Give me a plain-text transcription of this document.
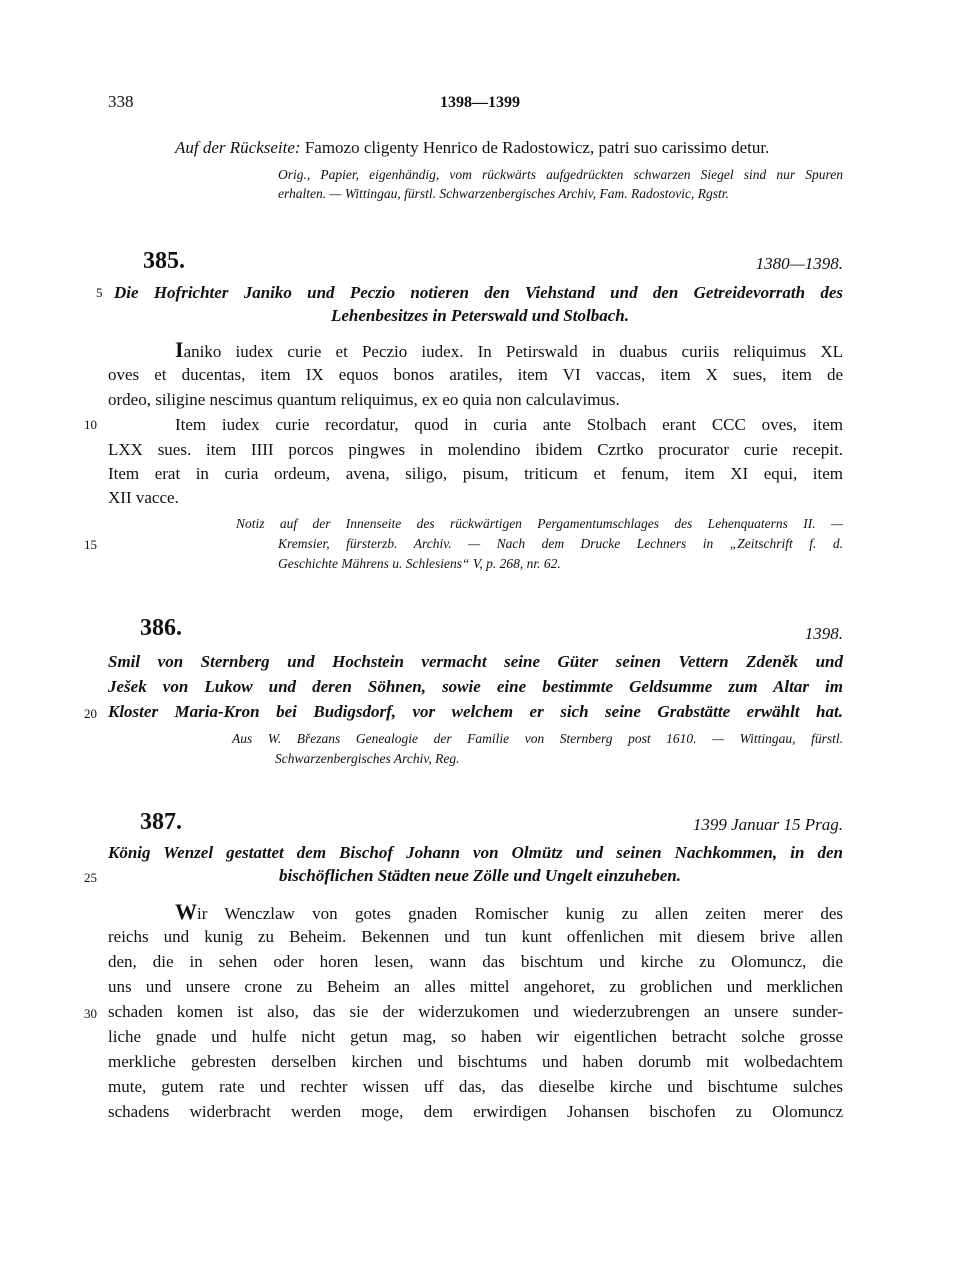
338	1398—1399
Auf der Rückseite: Famozo cligenty Henrico de Radostowicz, patri suo carissimo detur.
Orig., Papier, eigenhändig, vom rückwärts aufgedrückten schwarzen Siegel sind nur Spuren
erhalten. — Wittingau, fürstl. Schwarzenbergisches Archiv, Fam. Radostovic, Rgstr.
385.	1380—1398.
Die Hofrichter Janiko und Peczio notieren den Viehstand und den Getreidevorrath des
Lehenbesitzes in Peterswald und Stolbach.
Ianiko iudex curie et Peczio iudex. In Petirswald in duabus curiis reliquimus XL
oves et ducentas, item IX equos bonos aratiles, item VI vaccas, item X sues, item de
ordeo, siligine nescimus quantum reliquimus, ex eo quia non calculavimus.
Item iudex curie recordatur, quod in curia ante Stolbach erant CCC oves, item
LXX sues. item IIII porcos pingwes in molendino ibidem Czrtko procurator curie recepit.
Item erat in curia ordeum, avena, siligo, pisum, triticum et fenum, item XI equi, item
XII vacce.
Notiz auf der Innenseite des rückwärtigen Pergamentumschlages des Lehenquaterns II. —
Kremsier, fürsterzb. Archiv. — Nach dem Drucke Lechners in „Zeitschrift f. d.
Geschichte Mährens u. Schlesiens“ V, p. 268, nr. 62.
386.	1398.
Smil von Sternberg und Hochstein vermacht seine Güter seinen Vettern Zdeněk und
Ješek von Lukow und deren Söhnen, sowie eine bestimmte Geldsumme zum Altar im
Kloster Maria-Kron bei Budigsdorf, vor welchem er sich seine Grabstätte erwählt hat.
Aus W. Březans Genealogie der Familie von Sternberg post 1610. — Wittingau, fürstl.
Schwarzenbergisches Archiv, Reg.
387.	1399 Januar 15 Prag.
König Wenzel gestattet dem Bischof Johann von Olmütz und seinen Nachkommen, in den
bischöflichen Städten neue Zölle und Ungelt einzuheben.
Wir Wenczlaw von gotes gnaden Romischer kunig zu allen zeiten merer des
reichs und kunig zu Beheim. Bekennen und tun kunt offenlichen mit diesem brive allen
den, die in sehen oder horen lesen, wann das bischtum und kirche zu Olomuncz, die
uns und unsere crone zu Beheim an alles mittel angehoret, zu groblichen und merklichen
schaden komen ist also, das sie der widerzukomen und wiederzubrengen an unsere sunder-
liche gnade und hulfe nicht getun mag, so haben wir eigentlichen betracht solche grosse
merkliche gebresten derselben kirchen und bischtums und haben dorumb mit wolbedachtem
mute, gutem rate und rechter wissen uff das, das dieselbe kirche und bischtume sulches
schadens widerbracht werden moge, dem erwirdigen Johansen bischofen zu Olomuncz
5
10
15
20
25
30
